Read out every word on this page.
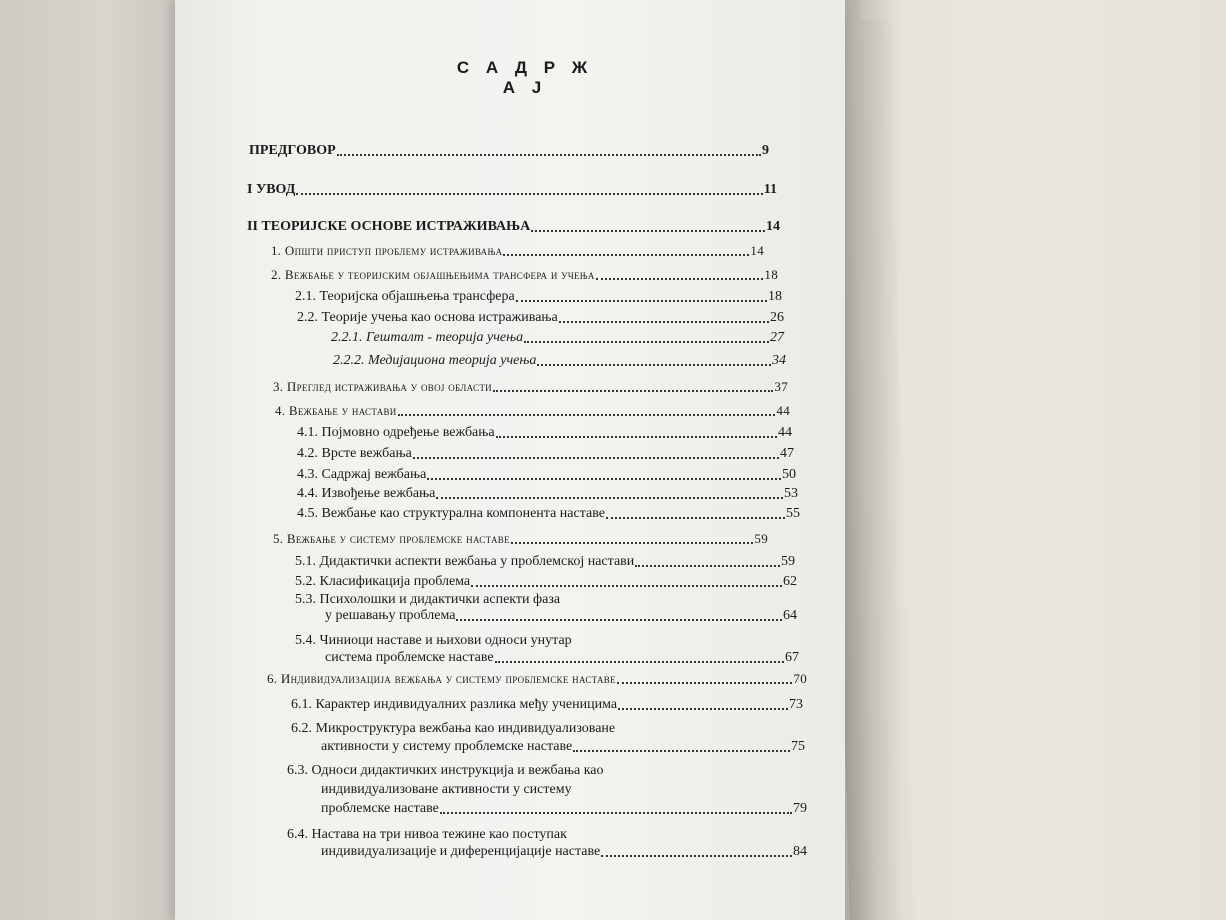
С А Д Р Ж А Ј
ПРЕДГОВОР	9
I УВОД	11
II ТЕОРИЈСКЕ ОСНОВЕ ИСТРАЖИВАЊА	14
1. Општи приступ проблему истраживања	14
2. Вежбање у теоријским објашњењима трансфера и учења	18
2.1. Теоријска објашњења трансфера	18
2.2. Теорије учења као основа истраживања	26
2.2.1. Гешталт - теорија учења	27
2.2.2. Медијациона теорија учења	34
3. Преглед истраживања у овој области	37
4. Вежбање у настави	44
4.1. Појмовно одређење вежбања	44
4.2. Врсте вежбања	47
4.3. Садржај вежбања	50
4.4. Извођење вежбања	53
4.5. Вежбање као структурална компонента наставе	55
5. Вежбање у систему проблемске наставе	59
5.1. Дидактички аспекти вежбања у проблемској настави	59
5.2. Класификација проблема	62
5.3. Психолошки и дидактички аспекти фаза
у решавању проблема	64
5.4. Чиниоци наставе и њихови односи унутар
система проблемске наставе	67
6. Индивидуализација вежбања у систему проблемске наставе	70
6.1. Карактер индивидуалних разлика међу ученицима	73
6.2. Микроструктура вежбања као индивидуализоване
активности у систему проблемске наставе	75
6.3. Односи дидактичких инструкција и вежбања као
индивидуализоване активности у систему
проблемске наставе	79
6.4. Настава на три нивоа тежине као поступак
индивидуализације и диференцијације наставе	84
